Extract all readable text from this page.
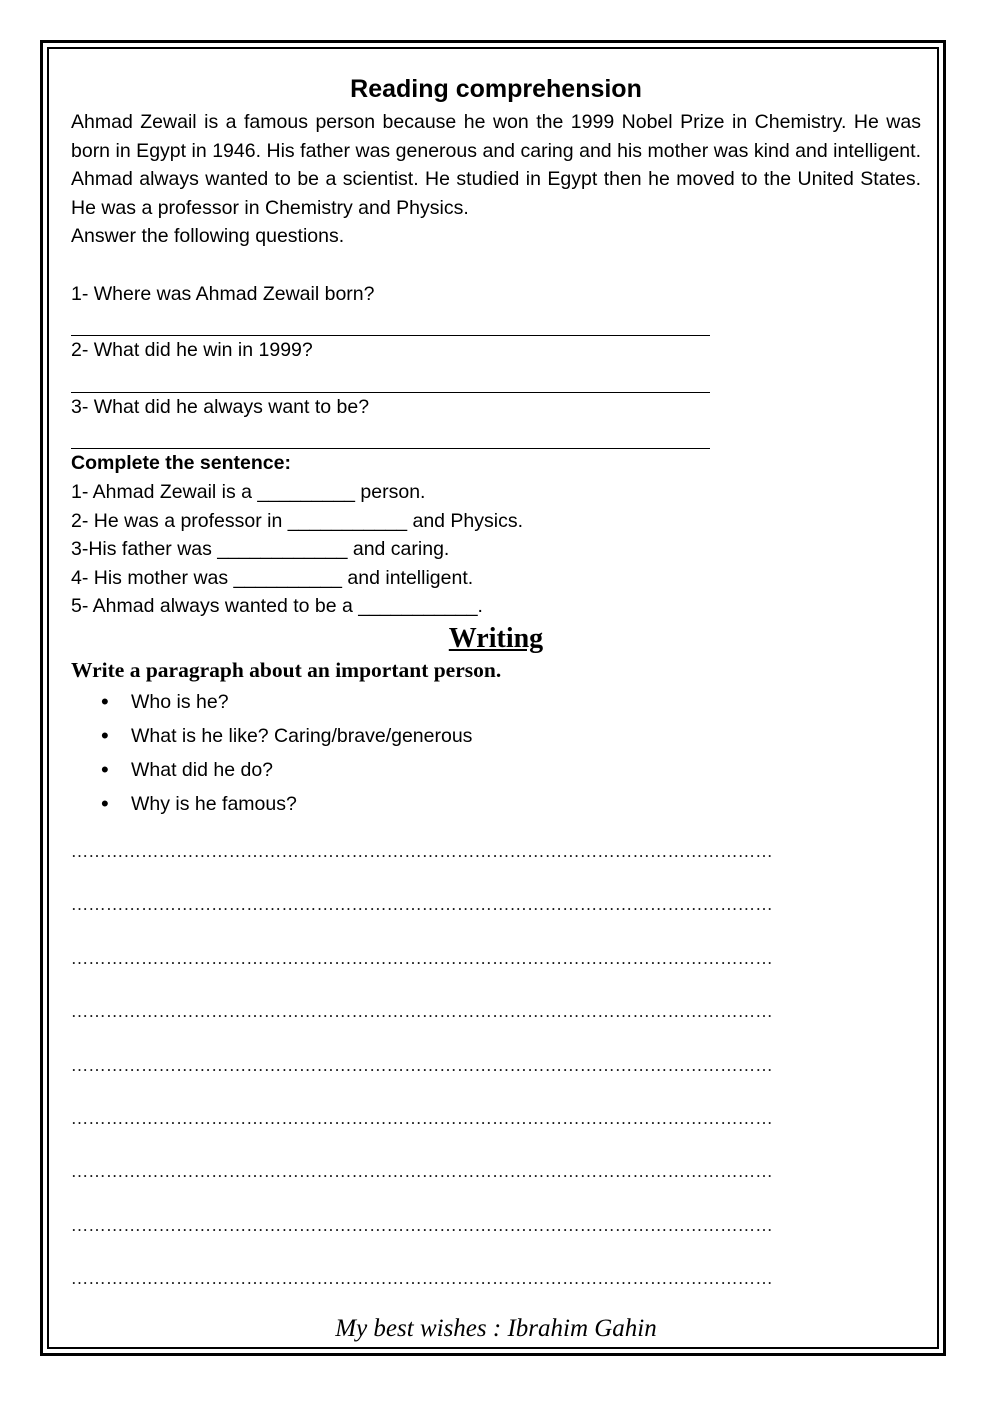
Reading comprehension

Ahmad Zewail is a famous person because he won the 1999 Nobel Prize in Chemistry. He was born in Egypt in 1946. His father was generous and caring and his mother was kind and intelligent. Ahmad always wanted to be a scientist. He studied in Egypt then he moved to the United States. He was a professor in Chemistry and Physics.

Answer the following questions.

1- Where was Ahmad Zewail born?

2- What did he win in 1999?

3- What did he always want to be?

Complete the sentence:

1- Ahmad Zewail is a _________ person.

2- He was a professor in ___________ and Physics.

3-His father was ____________ and caring.

4- His mother was __________ and intelligent.

5- Ahmad always wanted to be a ___________.

Writing

Write a paragraph about an important person.

• Who is he?
• What is he like? Caring/brave/generous
• What did he do?
• Why is he famous?
…………………………………………………………………………………………………………
…………………………………………………………………………………………………………
…………………………………………………………………………………………………………
…………………………………………………………………………………………………………
…………………………………………………………………………………………………………
…………………………………………………………………………………………………………
…………………………………………………………………………………………………………
…………………………………………………………………………………………………………
…………………………………………………………………………………………………………
My best wishes : Ibrahim Gahin
